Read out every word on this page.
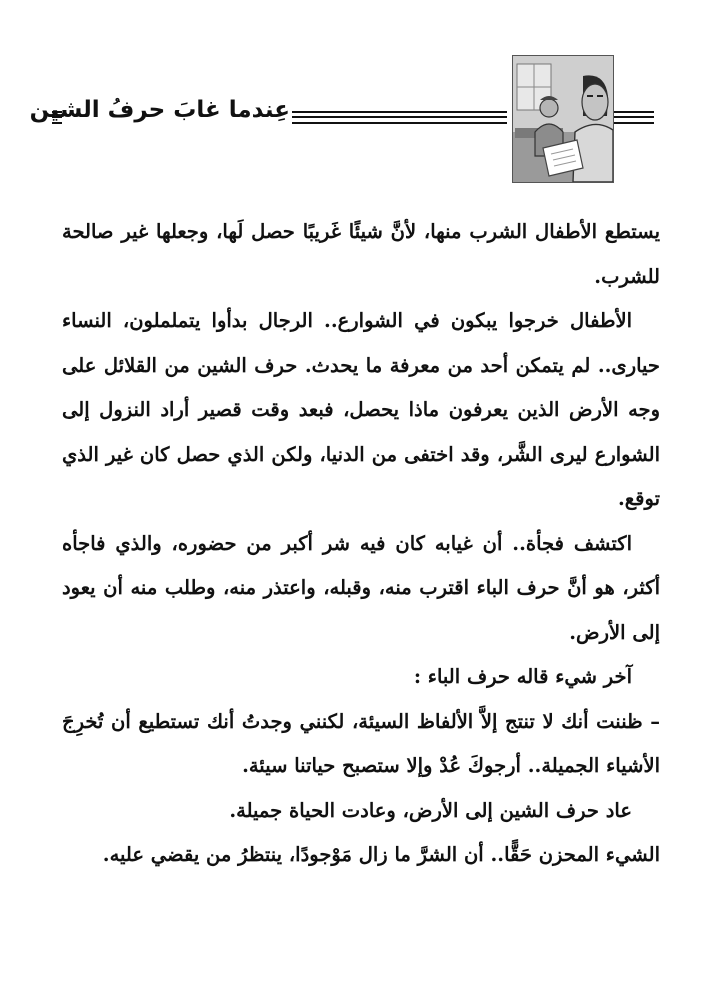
عِندما غابَ حرفُ الشين

يستطع الأطفال الشرب منها، لأنَّ شيئًا غَريبًا حصل لَها، وجعلها غير صالحة للشرب.

الأطفال خرجوا يبكون في الشوارع.. الرجال بدأوا يتململون، النساء حيارى.. لم يتمكن أحد من معرفة ما يحدث. حرف الشين من القلائل على وجه الأرض الذين يعرفون ماذا يحصل، فبعد وقت قصير أراد النزول إلى الشوارع ليرى الشَّر، وقد اختفى من الدنيا، ولكن الذي حصل كان غير الذي توقع.

اكتشف فجأة.. أن غيابه كان فيه شر أكبر من حضوره، والذي فاجأه أكثر، هو أنَّ حرف الباء اقترب منه، وقبله، واعتذر منه، وطلب منه أن يعود إلى الأرض.

آخر شيء قاله حرف الباء :

– ظننت أنك لا تنتج إلاَّ الألفاظ السيئة، لكنني وجدتُ أنك تستطيع أن تُخرِجَ الأشياء الجميلة.. أرجوكَ عُدْ وإلا ستصبح حياتنا سيئة.

عاد حرف الشين إلى الأرض، وعادت الحياة جميلة.

الشيء المحزن حَقًّا.. أن الشرَّ ما زال مَوْجودًا، ينتظرُ من يقضي عليه.
